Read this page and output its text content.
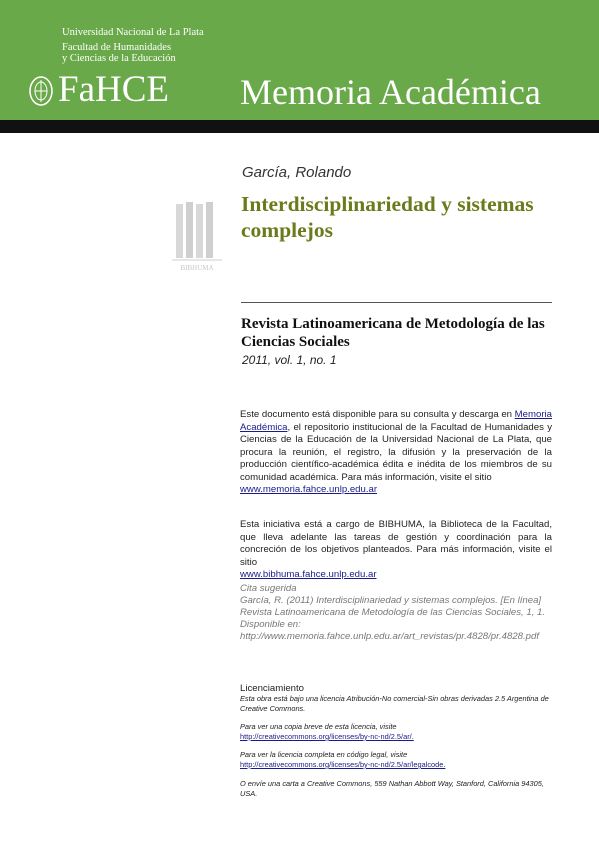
Universidad Nacional de La Plata
Facultad de Humanidades
y Ciencias de la Educación
FaHCE Memoria Académica
BIBHUMA
García, Rolando
Interdisciplinariedad y sistemas complejos
Revista Latinoamericana de Metodología de las Ciencias Sociales
2011, vol. 1, no. 1
Este documento está disponible para su consulta y descarga en Memoria Académica, el repositorio institucional de la Facultad de Humanidades y Ciencias de la Educación de la Universidad Nacional de La Plata, que procura la reunión, el registro, la difusión y la preservación de la producción científico-académica édita e inédita de los miembros de su comunidad académica. Para más información, visite el sitio
www.memoria.fahce.unlp.edu.ar
Esta iniciativa está a cargo de BIBHUMA, la Biblioteca de la Facultad, que lleva adelante las tareas de gestión y coordinación para la concreción de los objetivos planteados. Para más información, visite el sitio
www.bibhuma.fahce.unlp.edu.ar
Cita sugerida
García, R. (2011) Interdisciplinariedad y sistemas complejos. [En línea] Revista Latinoamericana de Metodología de las Ciencias Sociales, 1, 1. Disponible en: http://www.memoria.fahce.unlp.edu.ar/art_revistas/pr.4828/pr.4828.pdf
Licenciamiento
Esta obra está bajo una licencia Atribución-No comercial-Sin obras derivadas 2.5 Argentina de Creative Commons.
Para ver una copia breve de esta licencia, visite
http://creativecommons.org/licenses/by-nc-nd/2.5/ar/.
Para ver la licencia completa en código legal, visite
http://creativecommons.org/licenses/by-nc-nd/2.5/ar/legalcode.
O envíe una carta a Creative Commons, 559 Nathan Abbott Way, Stanford, California 94305, USA.
